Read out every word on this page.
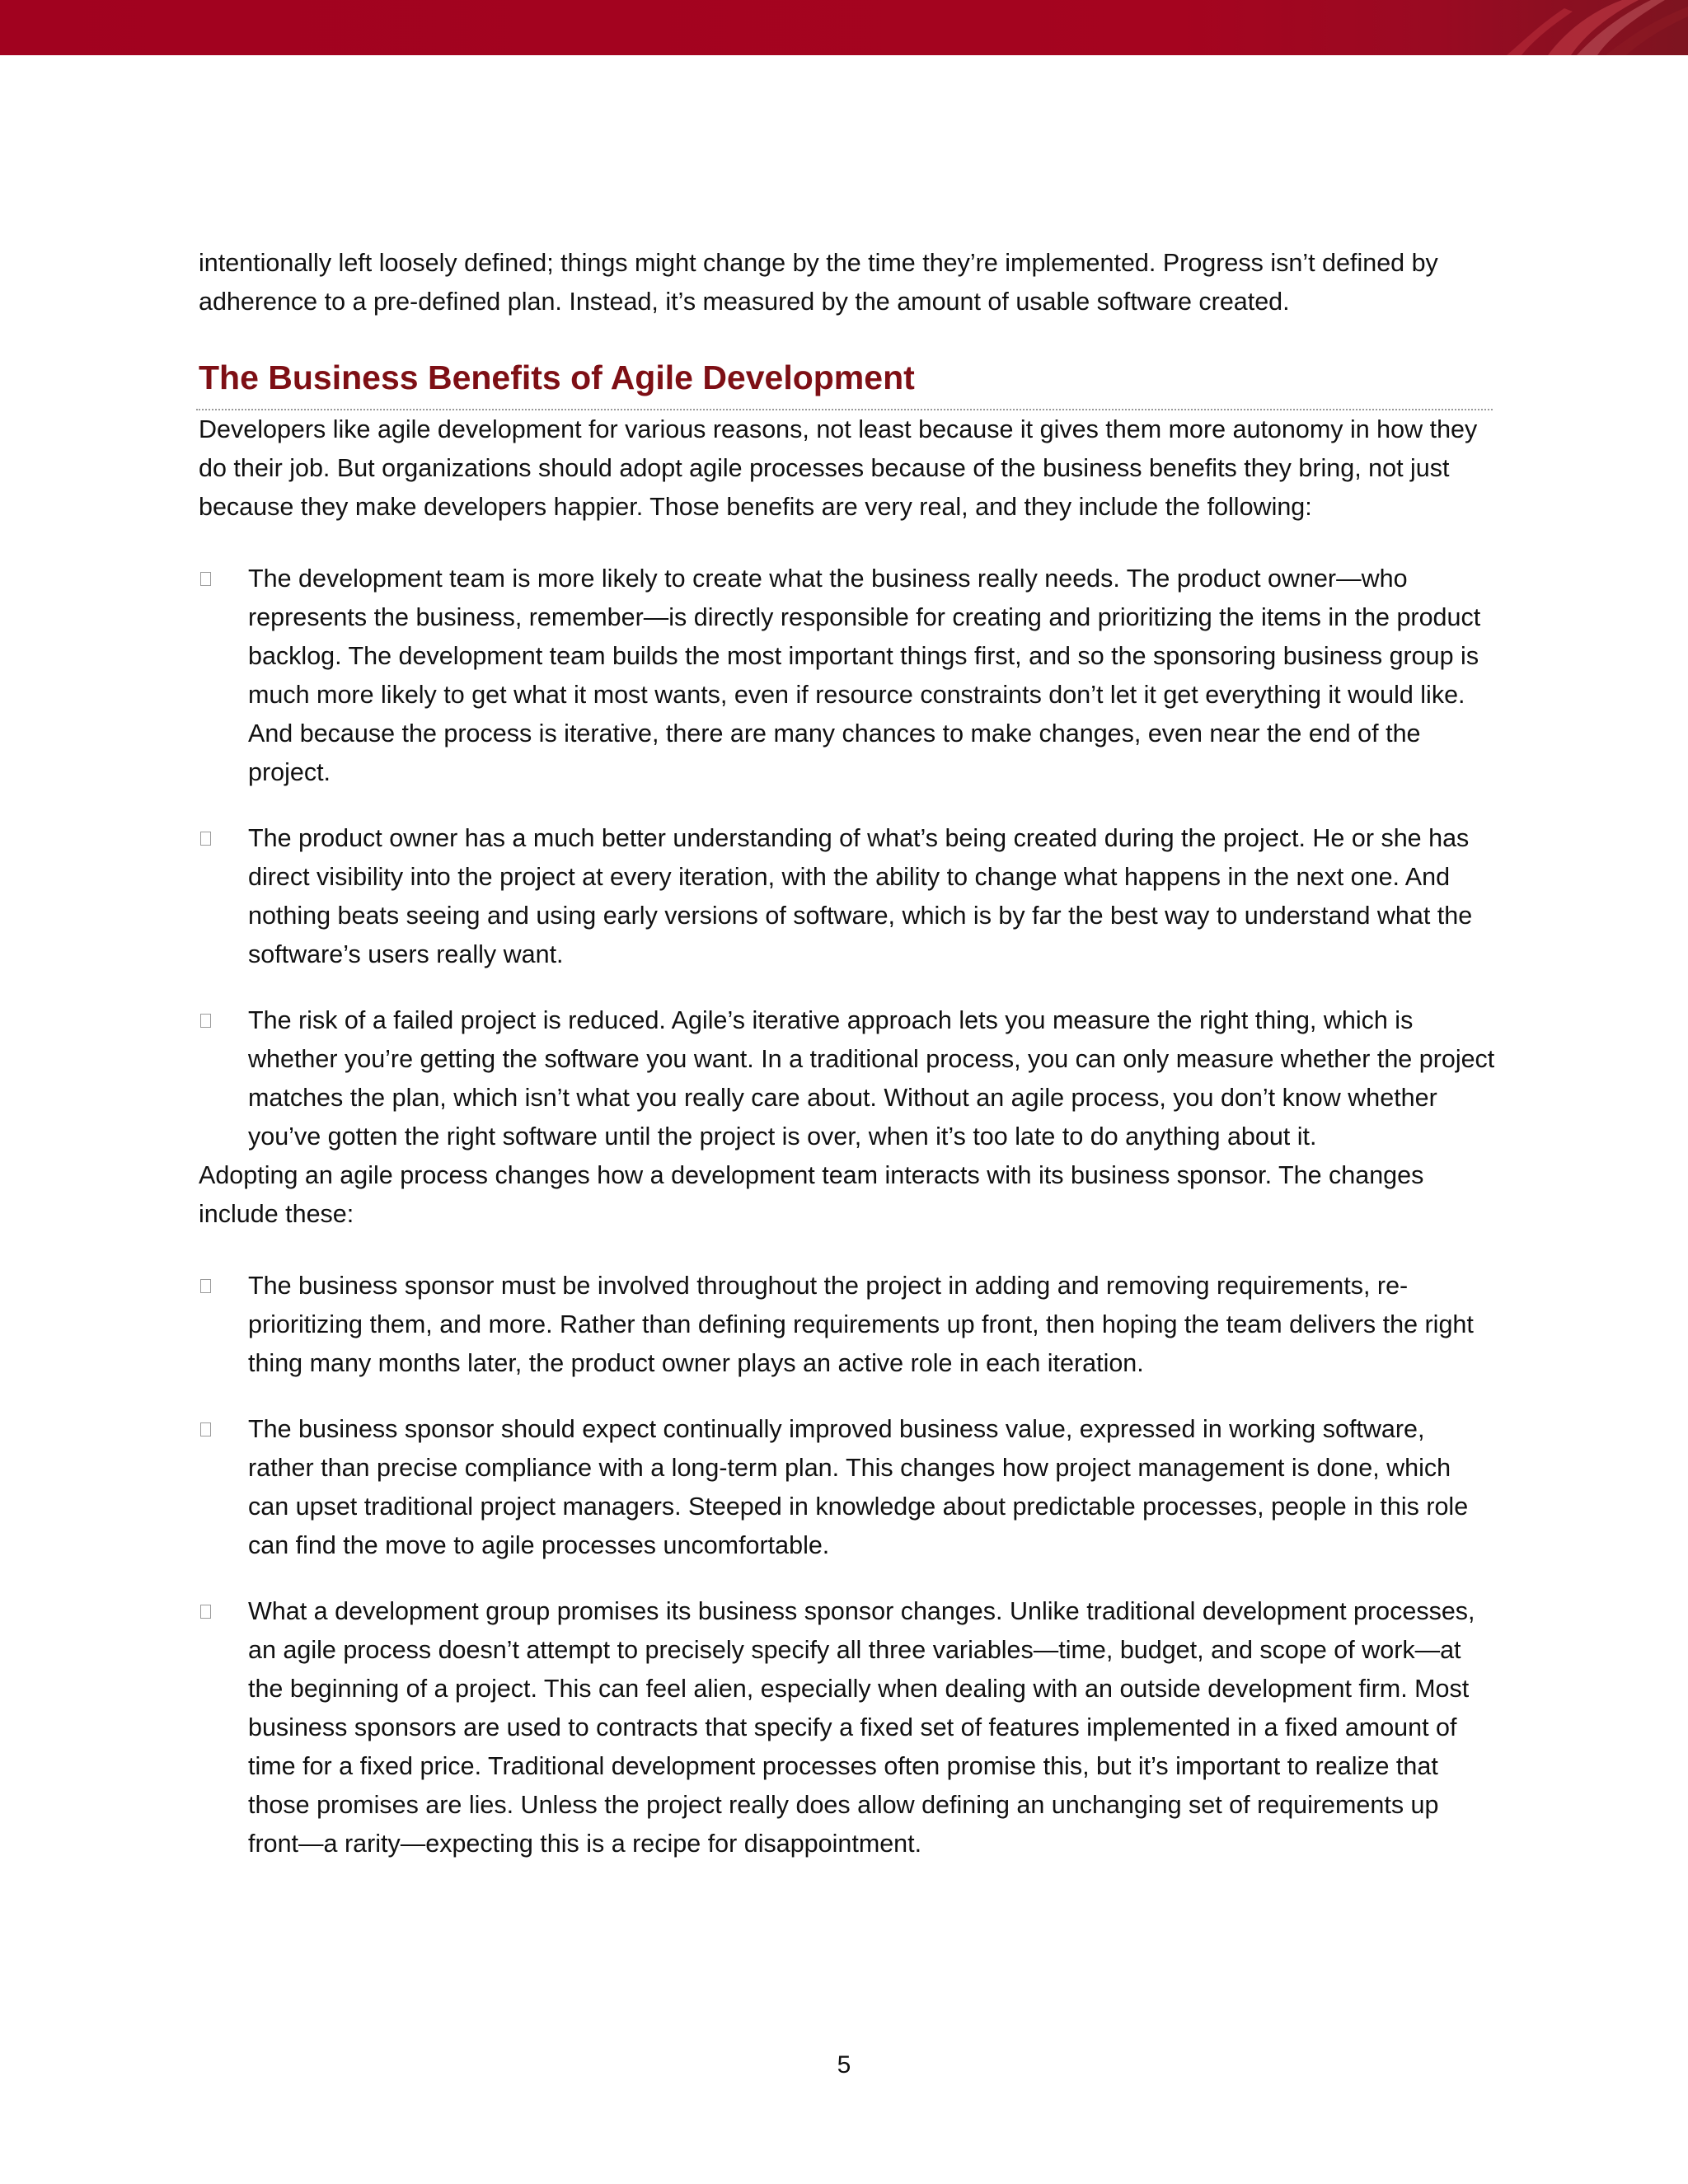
intentionally left loosely defined; things might change by the time they’re implemented. Progress isn’t defined by adherence to a pre-defined plan. Instead, it’s measured by the amount of usable software created.

The Business Benefits of Agile Development

Developers like agile development for various reasons, not least because it gives them more autonomy in how they do their job. But organizations should adopt agile processes because of the business benefits they bring, not just because they make developers happier. Those benefits are very real, and they include the following:

The development team is more likely to create what the business really needs. The product owner—who represents the business, remember—is directly responsible for creating and prioritizing the items in the product backlog. The development team builds the most important things first, and so the sponsoring business group is much more likely to get what it most wants, even if resource constraints don’t let it get everything it would like. And because the process is iterative, there are many chances to make changes, even near the end of the project.

The product owner has a much better understanding of what’s being created during the project. He or she has direct visibility into the project at every iteration, with the ability to change what happens in the next one. And nothing beats seeing and using early versions of software, which is by far the best way to understand what the software’s users really want.

The risk of a failed project is reduced. Agile’s iterative approach lets you measure the right thing, which is whether you’re getting the software you want. In a traditional process, you can only measure whether the project matches the plan, which isn’t what you really care about. Without an agile process, you don’t know whether you’ve gotten the right software until the project is over, when it’s too late to do anything about it.

Adopting an agile process changes how a development team interacts with its business sponsor. The changes include these:

The business sponsor must be involved throughout the project in adding and removing requirements, re-prioritizing them, and more. Rather than defining requirements up front, then hoping the team delivers the right thing many months later, the product owner plays an active role in each iteration.

The business sponsor should expect continually improved business value, expressed in working software, rather than precise compliance with a long-term plan. This changes how project management is done, which can upset traditional project managers. Steeped in knowledge about predictable processes, people in this role can find the move to agile processes uncomfortable.

What a development group promises its business sponsor changes. Unlike traditional development processes, an agile process doesn’t attempt to precisely specify all three variables—time, budget, and scope of work—at the beginning of a project. This can feel alien, especially when dealing with an outside development firm. Most business sponsors are used to contracts that specify a fixed set of features implemented in a fixed amount of time for a fixed price. Traditional development processes often promise this, but it’s important to realize that those promises are lies. Unless the project really does allow defining an unchanging set of requirements up front—a rarity—expecting this is a recipe for disappointment.

5
